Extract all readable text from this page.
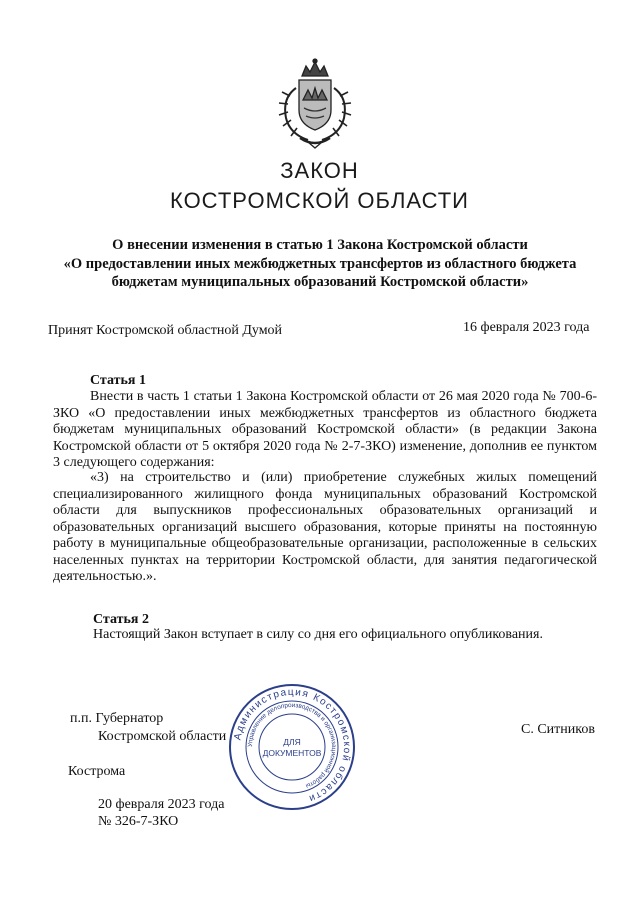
ЗАКОН
КОСТРОМСКОЙ ОБЛАСТИ
О внесении изменения в статью 1 Закона Костромской области
«О предоставлении иных межбюджетных трансфертов из областного бюджета
бюджетам муниципальных образований Костромской области»
Принят Костромской областной Думой	16 февраля 2023 года
Статья 1

Внести в часть 1 статьи 1 Закона Костромской области от 26 мая 2020 года № 700-6-ЗКО «О предоставлении иных межбюджетных трансфертов из областного бюджета бюджетам муниципальных образований Костромской области» (в редакции Закона Костромской области от 5 октября 2020 года № 2-7-ЗКО) изменение, дополнив ее пунктом 3 следующего содержания:

«3) на строительство и (или) приобретение служебных жилых помещений специализированного жилищного фонда муниципальных образований Костромской области для выпускников профессиональных образовательных организаций и образовательных организаций высшего образования, которые приняты на постоянную работу в муниципальные общеобразовательные организации, расположенные в сельских населенных пунктах на территории Костромской области, для занятия педагогической деятельностью.».

Статья 2
Настоящий Закон вступает в силу со дня его официального опубликования.
п.п. Губернатор
Костромской области	С. Ситников
Кострома
20 февраля 2023 года
№ 326-7-ЗКО
Администрация Костромской области
Управление делопроизводства и организационной работы
ДЛЯ
ДОКУМЕНТОВ
